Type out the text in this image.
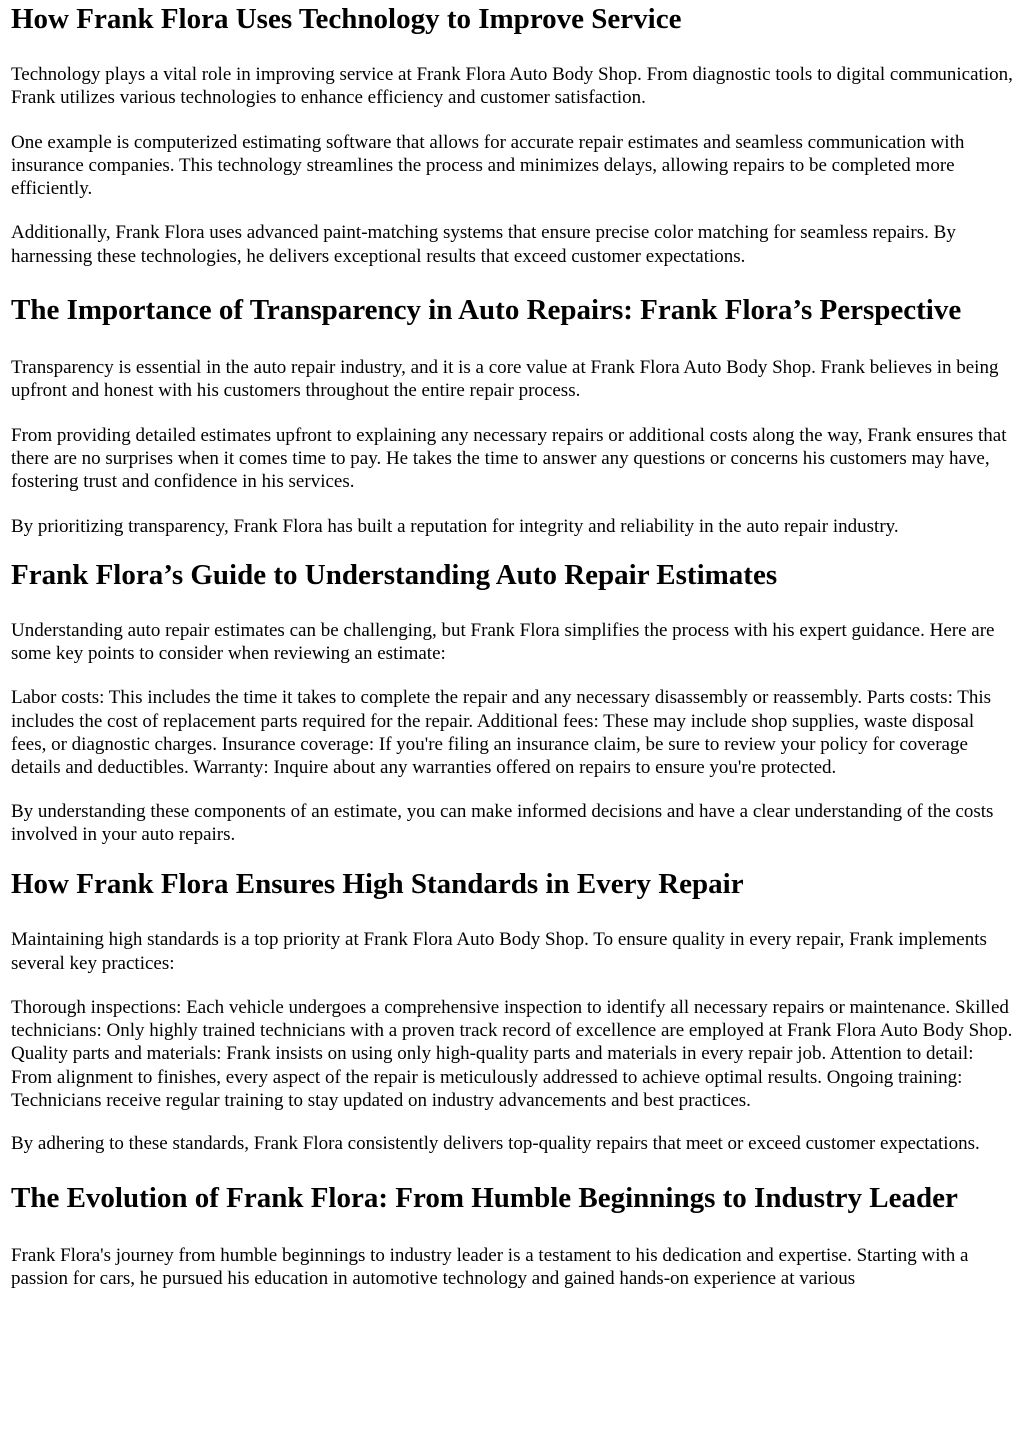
How Frank Flora Uses Technology to Improve Service

Technology plays a vital role in improving service at Frank Flora Auto Body Shop. From diagnostic tools to digital communication, Frank utilizes various technologies to enhance efficiency and customer satisfaction.

One example is computerized estimating software that allows for accurate repair estimates and seamless communication with insurance companies. This technology streamlines the process and minimizes delays, allowing repairs to be completed more efficiently.

Additionally, Frank Flora uses advanced paint-matching systems that ensure precise color matching for seamless repairs. By harnessing these technologies, he delivers exceptional results that exceed customer expectations.

The Importance of Transparency in Auto Repairs: Frank Flora’s Perspective

Transparency is essential in the auto repair industry, and it is a core value at Frank Flora Auto Body Shop. Frank believes in being upfront and honest with his customers throughout the entire repair process.

From providing detailed estimates upfront to explaining any necessary repairs or additional costs along the way, Frank ensures that there are no surprises when it comes time to pay. He takes the time to answer any questions or concerns his customers may have, fostering trust and confidence in his services.

By prioritizing transparency, Frank Flora has built a reputation for integrity and reliability in the auto repair industry.

Frank Flora’s Guide to Understanding Auto Repair Estimates

Understanding auto repair estimates can be challenging, but Frank Flora simplifies the process with his expert guidance. Here are some key points to consider when reviewing an estimate:

Labor costs: This includes the time it takes to complete the repair and any necessary disassembly or reassembly. Parts costs: This includes the cost of replacement parts required for the repair. Additional fees: These may include shop supplies, waste disposal fees, or diagnostic charges. Insurance coverage: If you're filing an insurance claim, be sure to review your policy for coverage details and deductibles. Warranty: Inquire about any warranties offered on repairs to ensure you're protected.

By understanding these components of an estimate, you can make informed decisions and have a clear understanding of the costs involved in your auto repairs.

How Frank Flora Ensures High Standards in Every Repair

Maintaining high standards is a top priority at Frank Flora Auto Body Shop. To ensure quality in every repair, Frank implements several key practices:

Thorough inspections: Each vehicle undergoes a comprehensive inspection to identify all necessary repairs or maintenance. Skilled technicians: Only highly trained technicians with a proven track record of excellence are employed at Frank Flora Auto Body Shop. Quality parts and materials: Frank insists on using only high-quality parts and materials in every repair job. Attention to detail: From alignment to finishes, every aspect of the repair is meticulously addressed to achieve optimal results. Ongoing training: Technicians receive regular training to stay updated on industry advancements and best practices.

By adhering to these standards, Frank Flora consistently delivers top-quality repairs that meet or exceed customer expectations.

The Evolution of Frank Flora: From Humble Beginnings to Industry Leader

Frank Flora's journey from humble beginnings to industry leader is a testament to his dedication and expertise. Starting with a passion for cars, he pursued his education in automotive technology and gained hands-on experience at various
